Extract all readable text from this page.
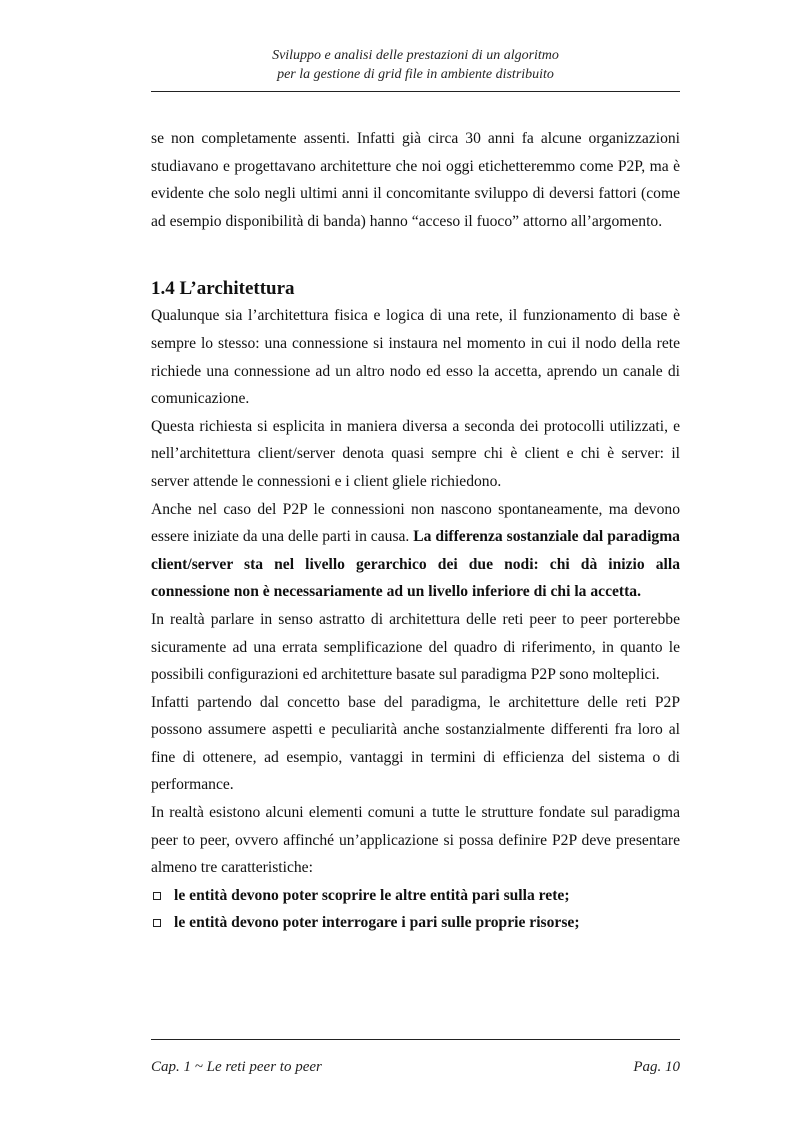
Sviluppo e analisi delle prestazioni di un algoritmo
per la gestione di grid file in ambiente distribuito

se non completamente assenti. Infatti già circa 30 anni fa alcune organizzazioni studiavano e progettavano architetture che noi oggi etichetteremmo come P2P, ma è evidente che solo negli ultimi anni il concomitante sviluppo di deversi fattori (come ad esempio disponibilità di banda) hanno “acceso il fuoco” attorno all’argomento.

1.4 L’architettura

Qualunque sia l’architettura fisica e logica di una rete, il funzionamento di base è sempre lo stesso: una connessione si instaura nel momento in cui il nodo della rete richiede una connessione ad un altro nodo ed esso la accetta, aprendo un canale di comunicazione.

Questa richiesta si esplicita in maniera diversa a seconda dei protocolli utilizzati, e nell’architettura client/server denota quasi sempre chi è client e chi è server: il server attende le connessioni e i client gliele richiedono.

Anche nel caso del P2P le connessioni non nascono spontaneamente, ma devono essere iniziate da una delle parti in causa. La differenza sostanziale dal paradigma client/server sta nel livello gerarchico dei due nodi: chi dà inizio alla connessione non è necessariamente ad un livello inferiore di chi la accetta.

In realtà parlare in senso astratto di architettura delle reti peer to peer porterebbe sicuramente ad una errata semplificazione del quadro di riferimento, in quanto le possibili configurazioni ed architetture basate sul paradigma P2P sono molteplici.

Infatti partendo dal concetto base del paradigma, le architetture delle reti P2P possono assumere aspetti e peculiarità anche sostanzialmente differenti fra loro al fine di ottenere, ad esempio, vantaggi in termini di efficienza del sistema o di performance.

In realtà esistono alcuni elementi comuni a tutte le strutture fondate sul paradigma peer to peer, ovvero affinché un’applicazione si possa definire P2P deve presentare almeno tre caratteristiche:

le entità devono poter scoprire le altre entità pari sulla rete;
le entità devono poter interrogare i pari sulle proprie risorse;
Cap. 1 ~ Le reti peer to peer	Pag. 10
